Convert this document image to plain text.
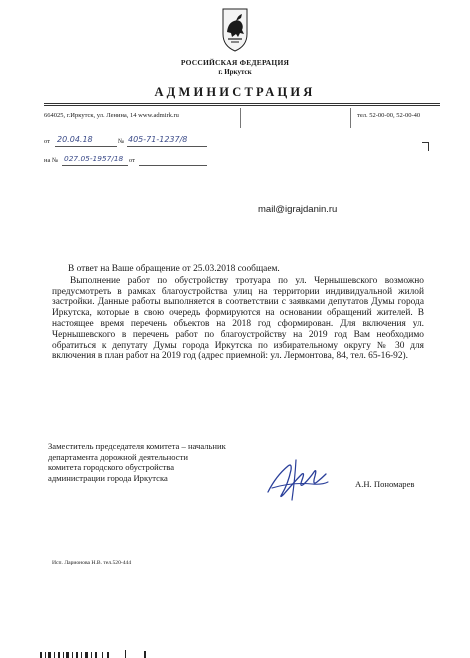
РОССИЙСКАЯ ФЕДЕРАЦИЯ
г. Иркутск
АДМИНИСТРАЦИЯ
664025, г.Иркутск, ул. Ленина, 14 www.admirk.ru	тел. 52-00-00, 52-00-40
от 20.04.18	№ 405-71-1237/8
на № 027.05-1957/18 от
mail@igrajdanin.ru

В ответ на Ваше обращение от 25.03.2018 сообщаем.

Выполнение работ по обустройству тротуара по ул. Чернышевского возможно предусмотреть в рамках благоустройства улиц на территории индивидуальной жилой застройки. Данные работы выполняется в соответствии с заявками депутатов Думы города Иркутска, которые в свою очередь формируются на основании обращений жителей. В настоящее время перечень объектов на 2018 год сформирован. Для включения ул. Чернышевского в перечень работ по благоустройству на 2019 год Вам необходимо обратиться к депутату Думы города Иркутска по избирательному округу № 30 для включения в план работ на 2019 год (адрес приемной: ул. Лермонтова, 84, тел. 65-16-92).

Заместитель председателя комитета – начальник
департамента дорожной деятельности
комитета городского обустройства
администрации города Иркутска
А.Н. Пономарев
Исп. Ларионова Н.В. тел.520-444
